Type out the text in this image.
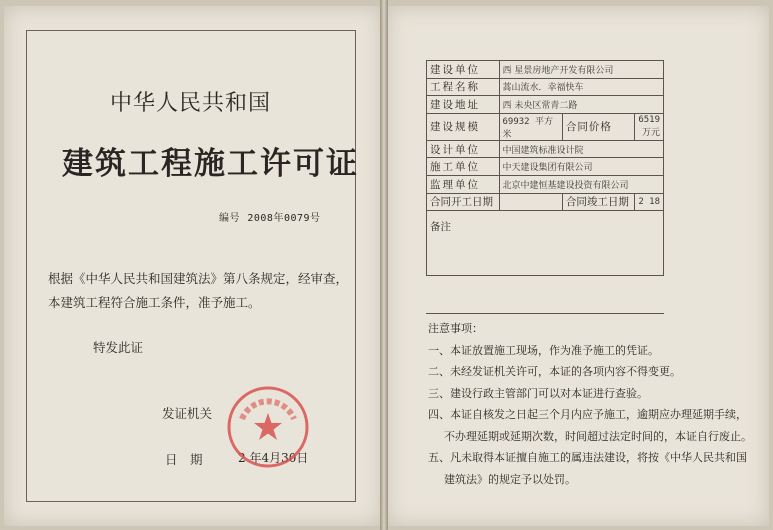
中华人民共和国
建筑工程施工许可证
编号 2008年0079号
根据《中华人民共和国建筑法》第八条规定，经审查，本建筑工程符合施工条件，准予施工。
特发此证
发证机关
日　期	2 年4月30日
建设单位	西 星景房地产开发有限公司		
工程名称	蒿山流水．幸福快车		
建设地址	西 未央区常青二路		
建设规模	69932 平方米	合同价格	6519
万元

设计单位	中国建筑标准设计院		
施工单位	中天建设集团有限公司		
监理单位	北京中建恒基建设投资有限公司		
合同开工日期		合同竣工日期	2 18
备注			
注意事项：
一、本证放置施工现场，作为准予施工的凭证。
二、未经发证机关许可，本证的各项内容不得变更。
三、建设行政主管部门可以对本证进行查验。
四、本证自核发之日起三个月内应予施工，逾期应办理延期手续，
不办理延期或延期次数，时间超过法定时间的，本证自行废止。
五、凡未取得本证擅自施工的属违法建设，将按《中华人民共和国
建筑法》的规定予以处罚。
